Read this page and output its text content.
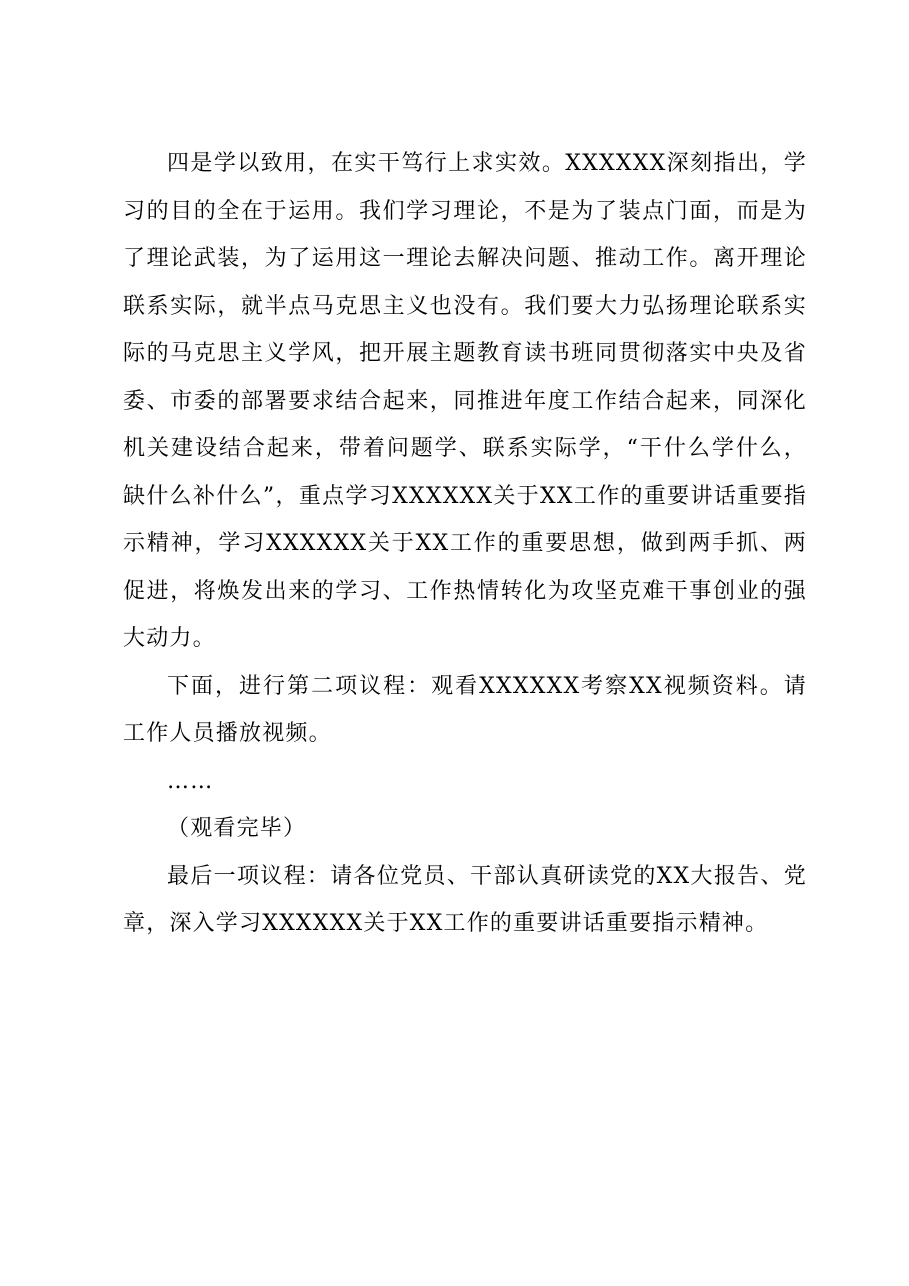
四是学以致用，在实干笃行上求实效。XXXXXX深刻指出，学习的目的全在于运用。我们学习理论，不是为了装点门面，而是为了理论武装，为了运用这一理论去解决问题、推动工作。离开理论联系实际，就半点马克思主义也没有。我们要大力弘扬理论联系实际的马克思主义学风，把开展主题教育读书班同贯彻落实中央及省委、市委的部署要求结合起来，同推进年度工作结合起来，同深化机关建设结合起来，带着问题学、联系实际学，“干什么学什么，缺什么补什么”，重点学习XXXXXX关于XX工作的重要讲话重要指示精神，学习XXXXXX关于XX工作的重要思想，做到两手抓、两促进，将焕发出来的学习、工作热情转化为攻坚克难干事创业的强大动力。

下面，进行第二项议程：观看XXXXXX考察XX视频资料。请工作人员播放视频。

……

（观看完毕）

最后一项议程：请各位党员、干部认真研读党的XX大报告、党章，深入学习XXXXXX关于XX工作的重要讲话重要指示精神。
